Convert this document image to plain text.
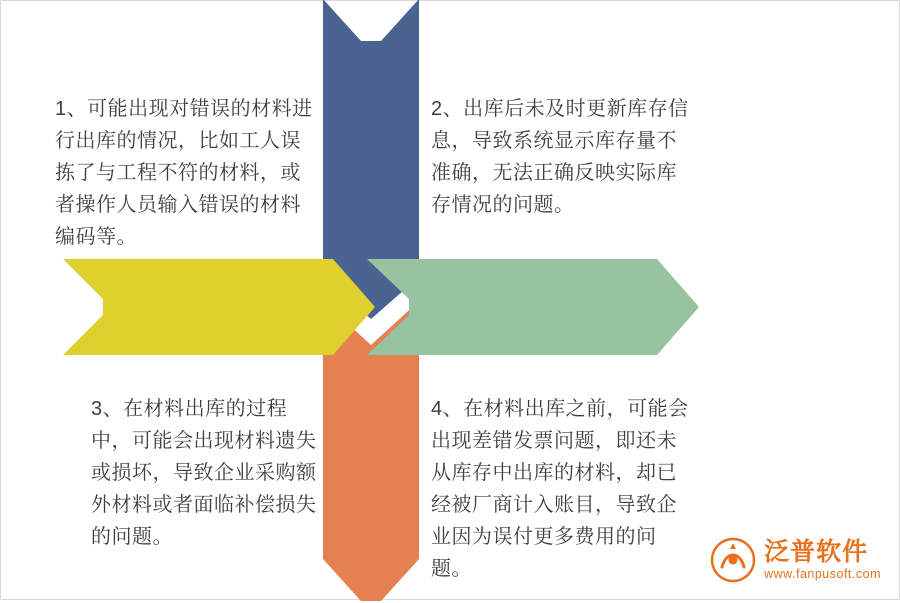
1、可能出现对错误的材料进行出库的情况，比如工人误拣了与工程不符的材料，或者操作人员输入错误的材料编码等。
2、出库后未及时更新库存信息，导致系统显示库存量不准确，无法正确反映实际库存情况的问题。
3、在材料出库的过程中，可能会出现材料遗失或损坏，导致企业采购额外材料或者面临补偿损失的问题。
4、在材料出库之前，可能会出现差错发票问题，即还未从库存中出库的材料，却已经被厂商计入账目，导致企业因为误付更多费用的问题。
泛普软件
www.fanpusoft.com
